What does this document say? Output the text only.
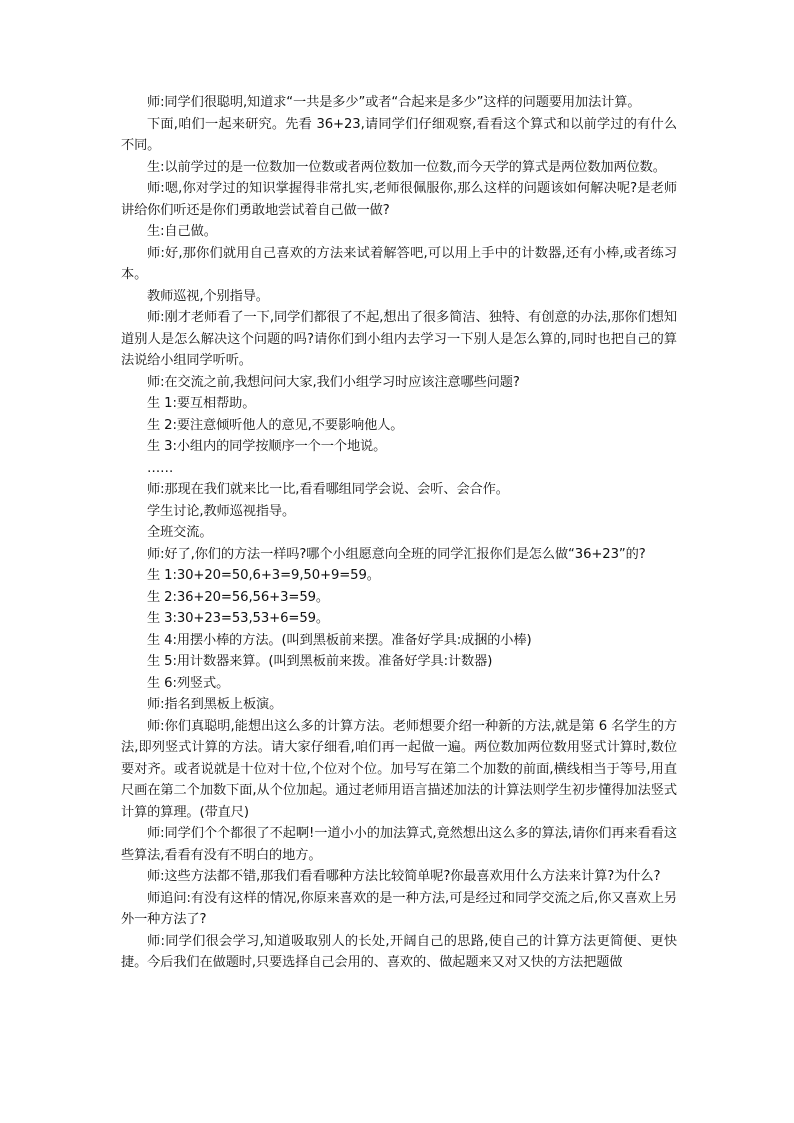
师:同学们很聪明,知道求“一共是多少”或者“合起来是多少”这样的问题要用加法计算。

下面,咱们一起来研究。先看 36+23,请同学们仔细观察,看看这个算式和以前学过的有什么不同。

生:以前学过的是一位数加一位数或者两位数加一位数,而今天学的算式是两位数加两位数。

师:嗯,你对学过的知识掌握得非常扎实,老师很佩服你,那么这样的问题该如何解决呢?是老师讲给你们听还是你们勇敢地尝试着自己做一做?

生:自己做。

师:好,那你们就用自己喜欢的方法来试着解答吧,可以用上手中的计数器,还有小棒,或者练习本。

教师巡视,个别指导。

师:刚才老师看了一下,同学们都很了不起,想出了很多简洁、独特、有创意的办法,那你们想知道别人是怎么解决这个问题的吗?请你们到小组内去学习一下别人是怎么算的,同时也把自己的算法说给小组同学听听。

师:在交流之前,我想问问大家,我们小组学习时应该注意哪些问题?

生 1:要互相帮助。

生 2:要注意倾听他人的意见,不要影响他人。

生 3:小组内的同学按顺序一个一个地说。

……

师:那现在我们就来比一比,看看哪组同学会说、会听、会合作。

学生讨论,教师巡视指导。

全班交流。

师:好了,你们的方法一样吗?哪个小组愿意向全班的同学汇报你们是怎么做“36+23”的?

生 1:30+20=50,6+3=9,50+9=59。

生 2:36+20=56,56+3=59。

生 3:30+23=53,53+6=59。

生 4:用摆小棒的方法。(叫到黑板前来摆。准备好学具:成捆的小棒)

生 5:用计数器来算。(叫到黑板前来拨。准备好学具:计数器)

生 6:列竖式。

师:指名到黑板上板演。

师:你们真聪明,能想出这么多的计算方法。老师想要介绍一种新的方法,就是第 6 名学生的方法,即列竖式计算的方法。请大家仔细看,咱们再一起做一遍。两位数加两位数用竖式计算时,数位要对齐。或者说就是十位对十位,个位对个位。加号写在第二个加数的前面,横线相当于等号,用直尺画在第二个加数下面,从个位加起。通过老师用语言描述加法的计算法则学生初步懂得加法竖式计算的算理。(带直尺)

师:同学们个个都很了不起啊!一道小小的加法算式,竟然想出这么多的算法,请你们再来看看这些算法,看看有没有不明白的地方。

师:这些方法都不错,那我们看看哪种方法比较简单呢?你最喜欢用什么方法来计算?为什么?

师追问:有没有这样的情况,你原来喜欢的是一种方法,可是经过和同学交流之后,你又喜欢上另外一种方法了?

师:同学们很会学习,知道吸取别人的长处,开阔自己的思路,使自己的计算方法更简便、更快捷。今后我们在做题时,只要选择自己会用的、喜欢的、做起题来又对又快的方法把题做
